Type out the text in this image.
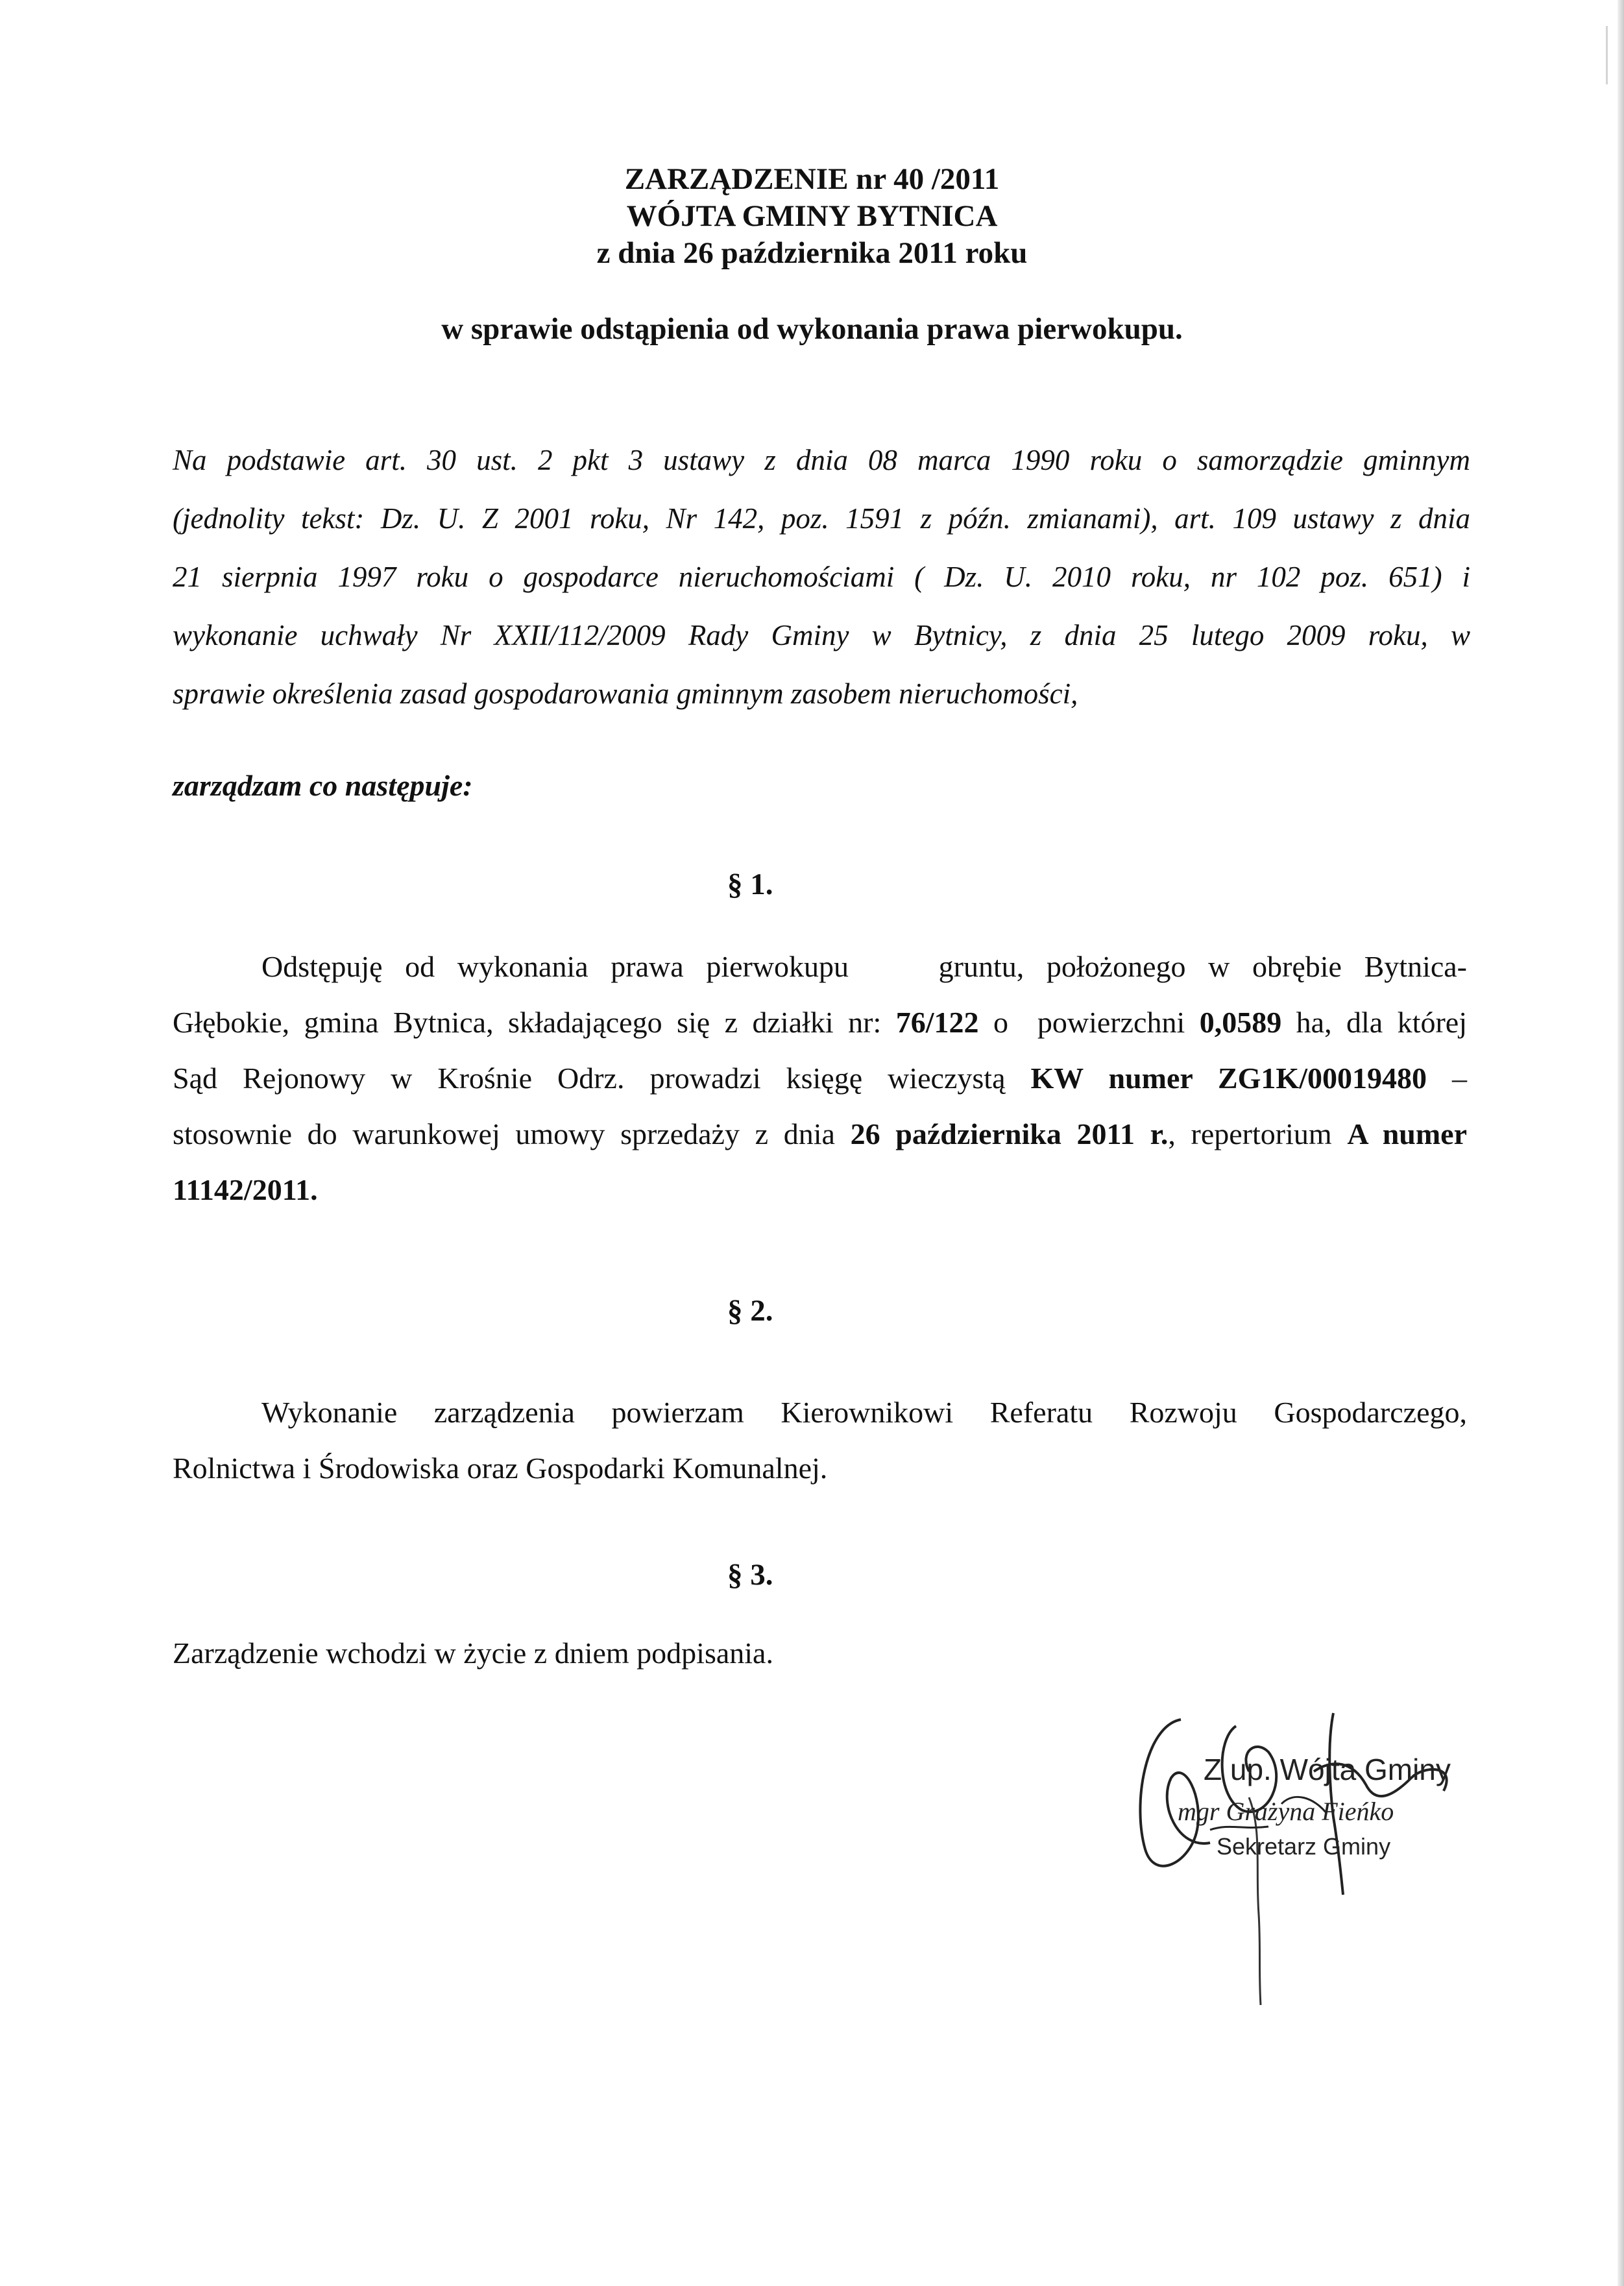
ZARZĄDZENIE nr 40 /2011

WÓJTA GMINY BYTNICA

z dnia 26 października 2011 roku

w sprawie odstąpienia od wykonania prawa pierwokupu.

Na podstawie art. 30 ust. 2 pkt 3 ustawy z dnia 08 marca 1990 roku o samorządzie gminnym
(jednolity tekst: Dz. U. Z 2001 roku, Nr 142, poz. 1591 z późn. zmianami), art. 109 ustawy z dnia
21 sierpnia 1997 roku o gospodarce nieruchomościami ( Dz. U. 2010 roku, nr 102 poz. 651) i
wykonanie uchwały Nr XXII/112/2009 Rady Gminy w Bytnicy, z dnia 25 lutego 2009 roku, w
sprawie określenia zasad gospodarowania gminnym zasobem nieruchomości,

zarządzam co następuje:

§ 1.

Odstępuję od wykonania prawa pierwokupu    gruntu, położonego w obrębie Bytnica-
Głębokie, gmina Bytnica, składającego się z działki nr: 76/122 o  powierzchni 0,0589 ha, dla której
Sąd Rejonowy w Krośnie Odrz. prowadzi księgę wieczystą KW numer ZG1K/00019480 –
stosownie do warunkowej umowy sprzedaży z dnia 26 października 2011 r., repertorium A numer
11142/2011.

§ 2.

Wykonanie zarządzenia powierzam Kierownikowi Referatu Rozwoju Gospodarczego,
Rolnictwa i Środowiska oraz Gospodarki Komunalnej.

§ 3.

Zarządzenie wchodzi w życie z dniem podpisania.
Z up. Wójta Gminy
mgr Grażyna Fieńko
Sekretarz Gminy
